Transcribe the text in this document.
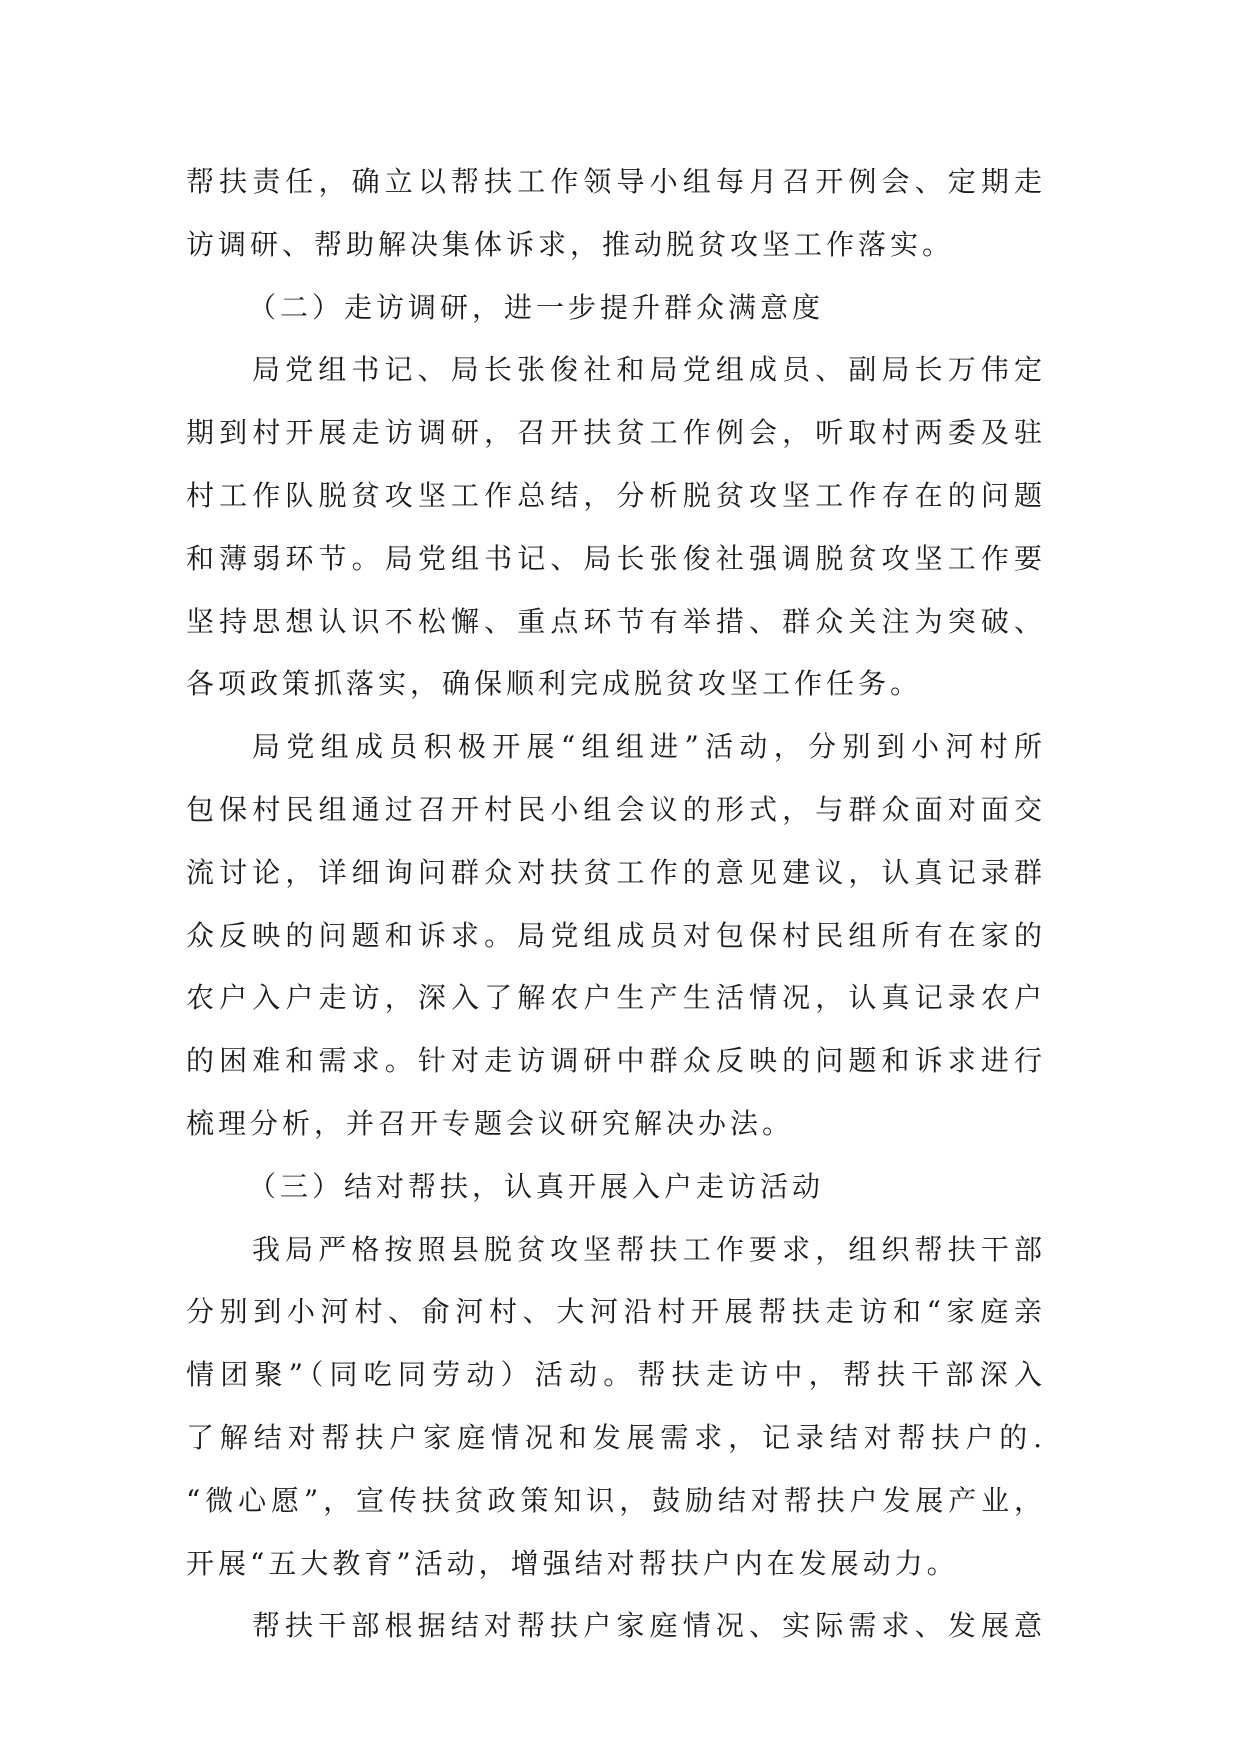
帮扶责任，确立以帮扶工作领导小组每月召开例会、定期走
访调研、帮助解决集体诉求，推动脱贫攻坚工作落实。
（二）走访调研，进一步提升群众满意度
局党组书记、局长张俊社和局党组成员、副局长万伟定
期到村开展走访调研，召开扶贫工作例会，听取村两委及驻
村工作队脱贫攻坚工作总结，分析脱贫攻坚工作存在的问题
和薄弱环节。局党组书记、局长张俊社强调脱贫攻坚工作要
坚持思想认识不松懈、重点环节有举措、群众关注为突破、
各项政策抓落实，确保顺利完成脱贫攻坚工作任务。
局党组成员积极开展“组组进”活动，分别到小河村所
包保村民组通过召开村民小组会议的形式，与群众面对面交
流讨论，详细询问群众对扶贫工作的意见建议，认真记录群
众反映的问题和诉求。局党组成员对包保村民组所有在家的
农户入户走访，深入了解农户生产生活情况，认真记录农户
的困难和需求。针对走访调研中群众反映的问题和诉求进行
梳理分析，并召开专题会议研究解决办法。
（三）结对帮扶，认真开展入户走访活动
我局严格按照县脱贫攻坚帮扶工作要求，组织帮扶干部
分别到小河村、俞河村、大河沿村开展帮扶走访和“家庭亲
情团聚”（同吃同劳动）活动。帮扶走访中，帮扶干部深入
了解结对帮扶户家庭情况和发展需求，记录结对帮扶户的.
“微心愿”，宣传扶贫政策知识，鼓励结对帮扶户发展产业，
开展“五大教育”活动，增强结对帮扶户内在发展动力。
帮扶干部根据结对帮扶户家庭情况、实际需求、发展意
